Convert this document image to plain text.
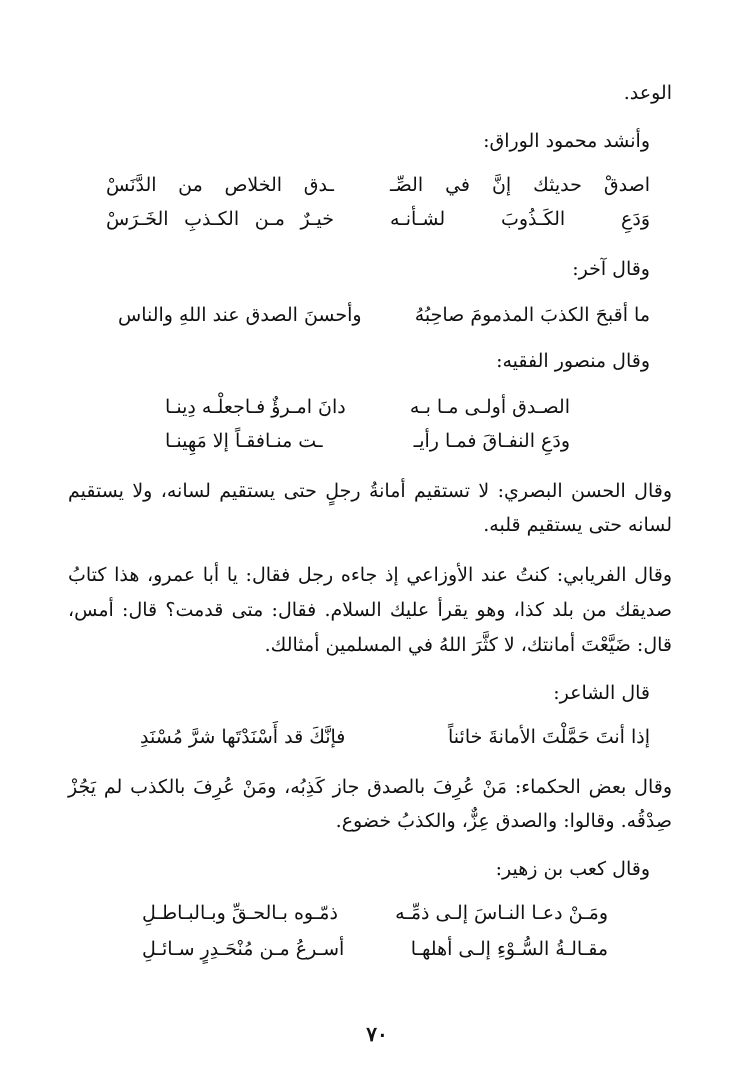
الوعد.
وأنشد محمود الوراق:
اصدقْ حديثك إنَّ في الصِّـ
ـدق الخلاص من الدَّنَسْ
وَدَعِ الكَـذُوبَ لشـأنـه
خيـرٌ مـن الكـذبِ الخَـرَسْ
وقال آخر:
ما أقبحَ الكذبَ المذمومَ صاحِبُهُ
وأحسنَ الصدق عند اللهِ والناس
وقال منصور الفقيه:
الصـدق أولـى مـا بـه
دانَ امـرؤٌ فـاجعلْـه دِينـا
ودَعِ النفـاقَ فمـا رأيـ
ـت منـافقـاً إلا مَهِينـا
وقال الحسن البصري: لا تستقيم أمانةُ رجلٍ حتى يستقيم لسانه، ولا يستقيم
لسانه حتى يستقيم قلبه.
وقال الفريابي: كنتُ عند الأوزاعي إذ جاءه رجل فقال: يا أبا عمرو، هذا كتابُ
صديقك من بلد كذا، وهو يقرأ عليك السلام. فقال: متى قدمت؟ قال: أمس،
قال: ضَيَّعْتَ أمانتك، لا كثَّرَ اللهُ في المسلمين أمثالك.
قال الشاعر:
إذا أنتَ حَمَّلْتَ الأمانةَ خائناً
فإنَّكَ قد أَسْنَدْتَها شرَّ مُسْنَدِ
وقال بعض الحكماء: مَنْ عُرِفَ بالصدق جاز كَذِبُه، ومَنْ عُرِفَ بالكذب لم يَجُزْ
صِدْقُه. وقالوا: والصدق عِزٌّ، والكذبُ خضوع.
وقال كعب بن زهير:
ومَـنْ دعـا النـاسَ إلـى ذمِّـه
ذمّـوه بـالحـقِّ وبـالبـاطـلِ
مقـالـةُ السُّـوْءِ إلـى أهلهـا
أسـرعُ مـن مُنْحَـدِرٍ سـائـلِ
٧٠
